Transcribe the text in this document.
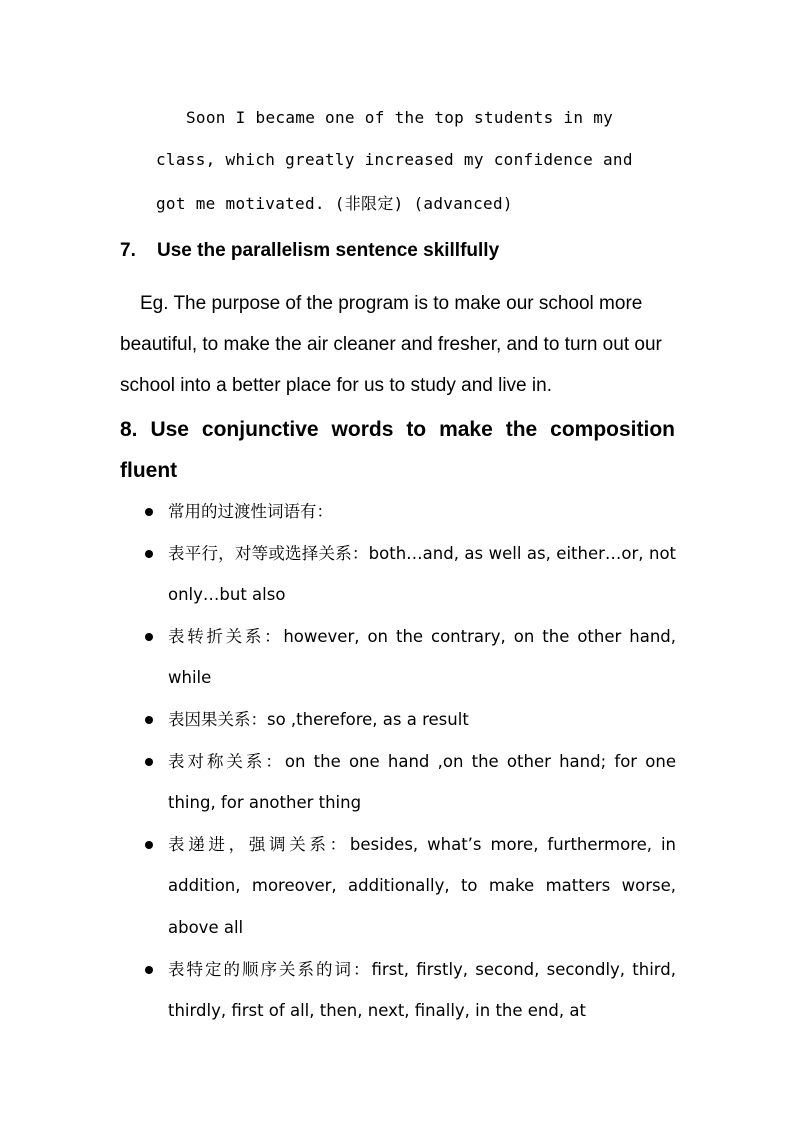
Soon I became one of the top students in my
class, which greatly increased my confidence and
got me motivated. (非限定) (advanced)
7. Use the parallelism sentence skillfully
Eg. The purpose of the program is to make our school more beautiful, to make the air cleaner and fresher, and to turn out our school into a better place for us to study and live in.
8. Use conjunctive words to make the composition fluent
常用的过渡性词语有：
表平行，对等或选择关系：both…and, as well as, either…or, not only…but also
表转折关系：however, on the contrary, on the other hand, while
表因果关系：so ,therefore, as a result
表对称关系：on the one hand ,on the other hand; for one thing, for another thing
表递进，强调关系：besides, what’s more, furthermore, in addition, moreover, additionally, to make matters worse, above all
表特定的顺序关系的词：first, firstly, second, secondly, third, thirdly, first of all, then, next, finally, in the end, at
